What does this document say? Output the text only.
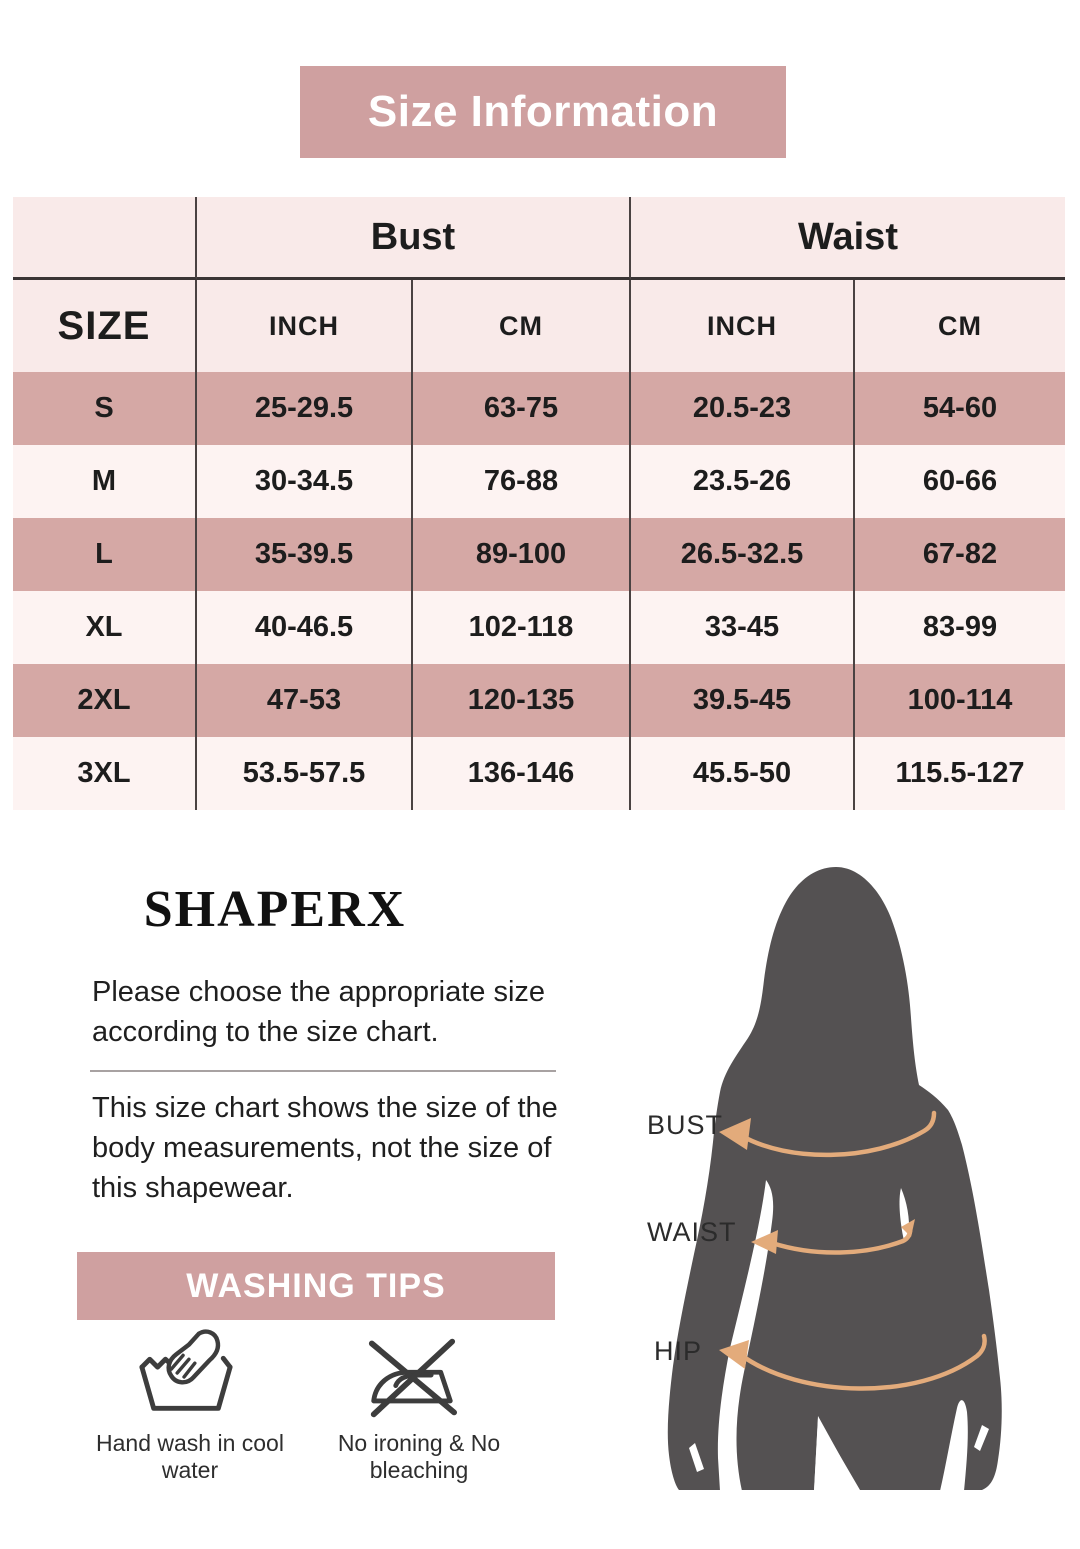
Size Information
Bust	Waist
SIZE	INCH	CM	INCH	CM
S	25-29.5	63-75	20.5-23	54-60
M	30-34.5	76-88	23.5-26	60-66
L	35-39.5	89-100	26.5-32.5	67-82
XL	40-46.5	102-118	33-45	83-99
2XL	47-53	120-135	39.5-45	100-114
3XL	53.5-57.5	136-146	45.5-50	115.5-127
SHAPERX
Please choose the appropriate size according to the size chart.
This size chart shows the size of the body measurements, not the size of this shapewear.
WASHING TIPS
Hand wash in cool water
No ironing & No bleaching
BUST
WAIST
HIP
